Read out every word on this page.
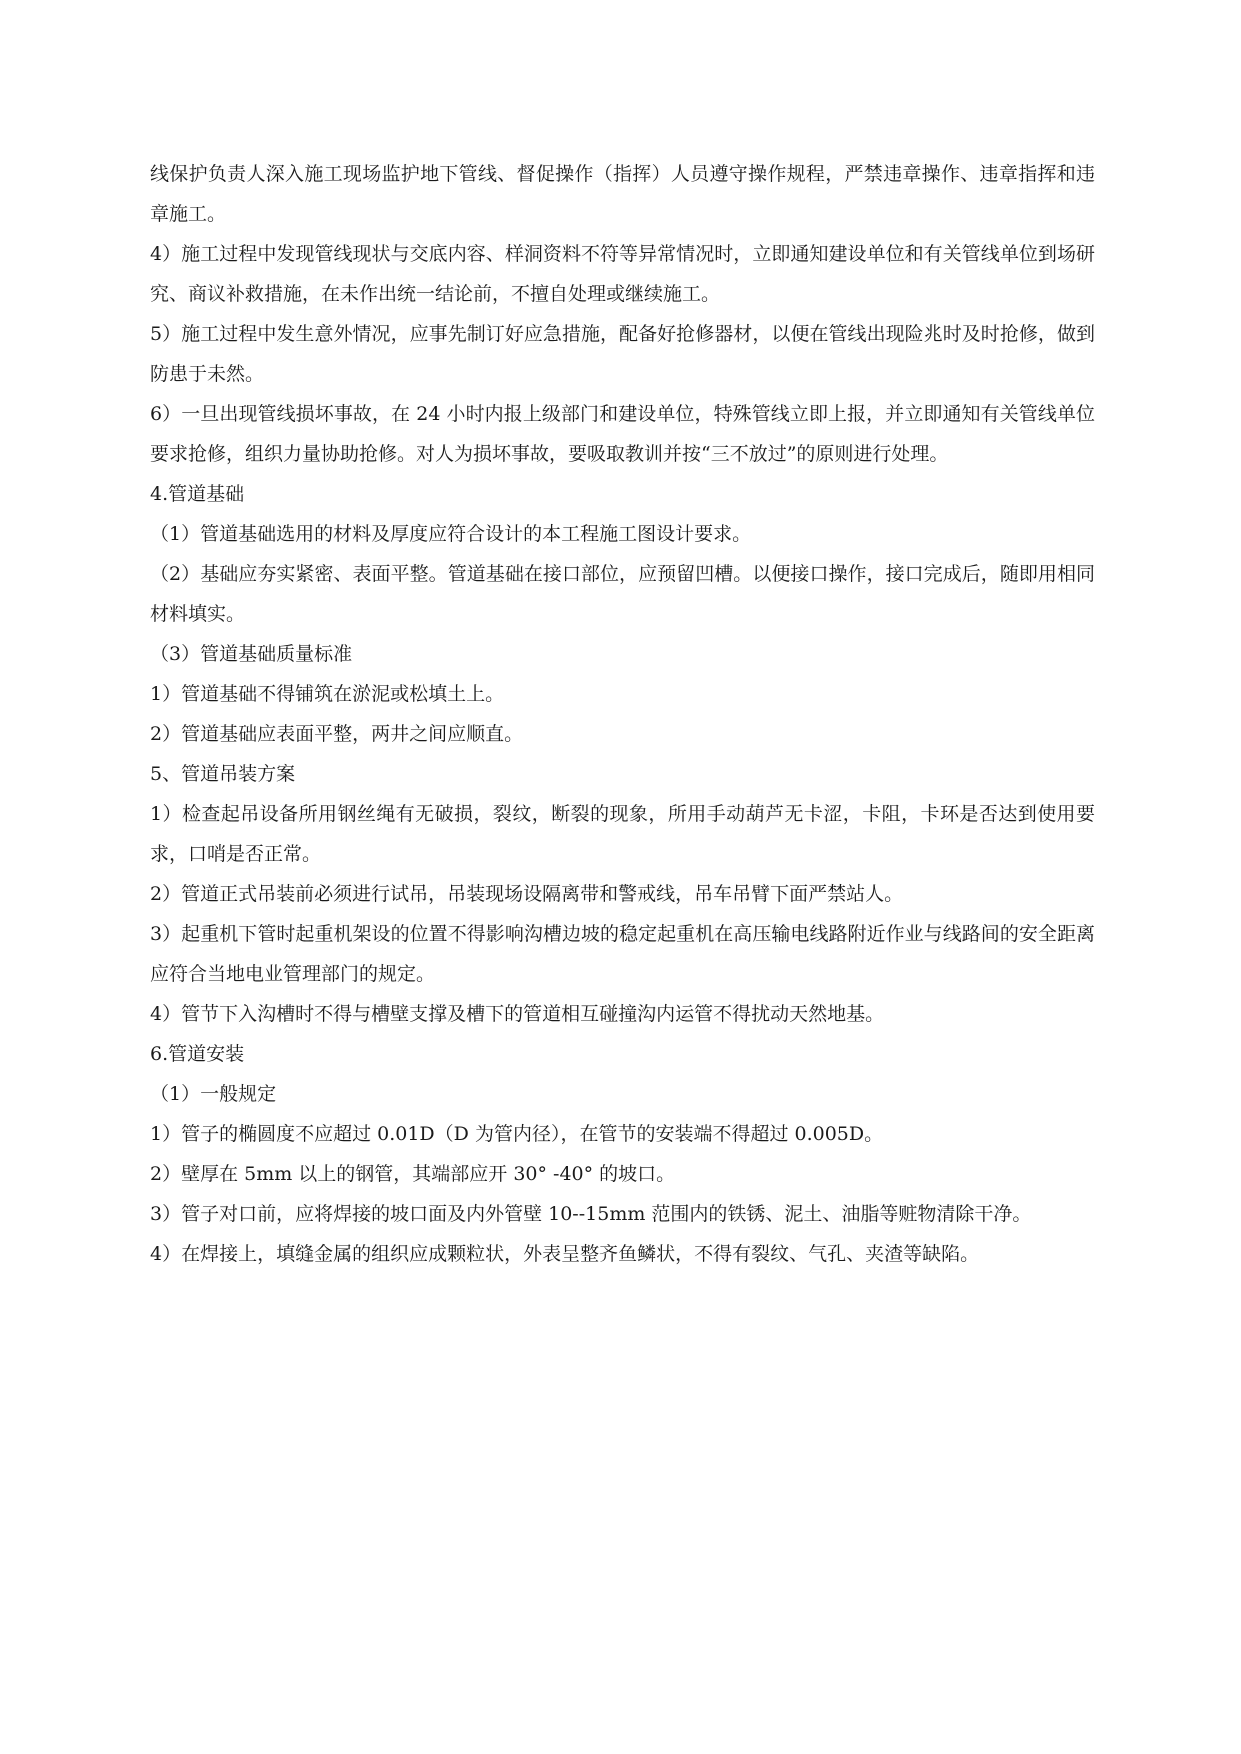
线保护负责人深入施工现场监护地下管线、督促操作（指挥）人员遵守操作规程，严禁违章操作、违章指挥和违章施工。

4）施工过程中发现管线现状与交底内容、样洞资料不符等异常情况时，立即通知建设单位和有关管线单位到场研究、商议补救措施，在未作出统一结论前，不擅自处理或继续施工。

5）施工过程中发生意外情况，应事先制订好应急措施，配备好抢修器材，以便在管线出现险兆时及时抢修，做到防患于未然。

6）一旦出现管线损坏事故，在 24 小时内报上级部门和建设单位，特殊管线立即上报，并立即通知有关管线单位要求抢修，组织力量协助抢修。对人为损坏事故，要吸取教训并按“三不放过”的原则进行处理。

4.管道基础

（1）管道基础选用的材料及厚度应符合设计的本工程施工图设计要求。

（2）基础应夯实紧密、表面平整。管道基础在接口部位，应预留凹槽。以便接口操作，接口完成后，随即用相同材料填实。

（3）管道基础质量标准

1）管道基础不得铺筑在淤泥或松填土上。

2）管道基础应表面平整，两井之间应顺直。

5、管道吊装方案

1）检查起吊设备所用钢丝绳有无破损，裂纹，断裂的现象，所用手动葫芦无卡涩，卡阻，卡环是否达到使用要求，口哨是否正常。

2）管道正式吊装前必须进行试吊，吊装现场设隔离带和警戒线，吊车吊臂下面严禁站人。

3）起重机下管时起重机架设的位置不得影响沟槽边坡的稳定起重机在高压输电线路附近作业与线路间的安全距离应符合当地电业管理部门的规定。

4）管节下入沟槽时不得与槽壁支撑及槽下的管道相互碰撞沟内运管不得扰动天然地基。

6.管道安装

（1）一般规定

1）管子的椭圆度不应超过 0.01D（D 为管内径），在管节的安装端不得超过 0.005D。

2）壁厚在 5mm 以上的钢管，其端部应开 30° -40° 的坡口。

3）管子对口前，应将焊接的坡口面及内外管壁 10--15mm 范围内的铁锈、泥土、油脂等赃物清除干净。

4）在焊接上，填缝金属的组织应成颗粒状，外表呈整齐鱼鳞状，不得有裂纹、气孔、夹渣等缺陷。
